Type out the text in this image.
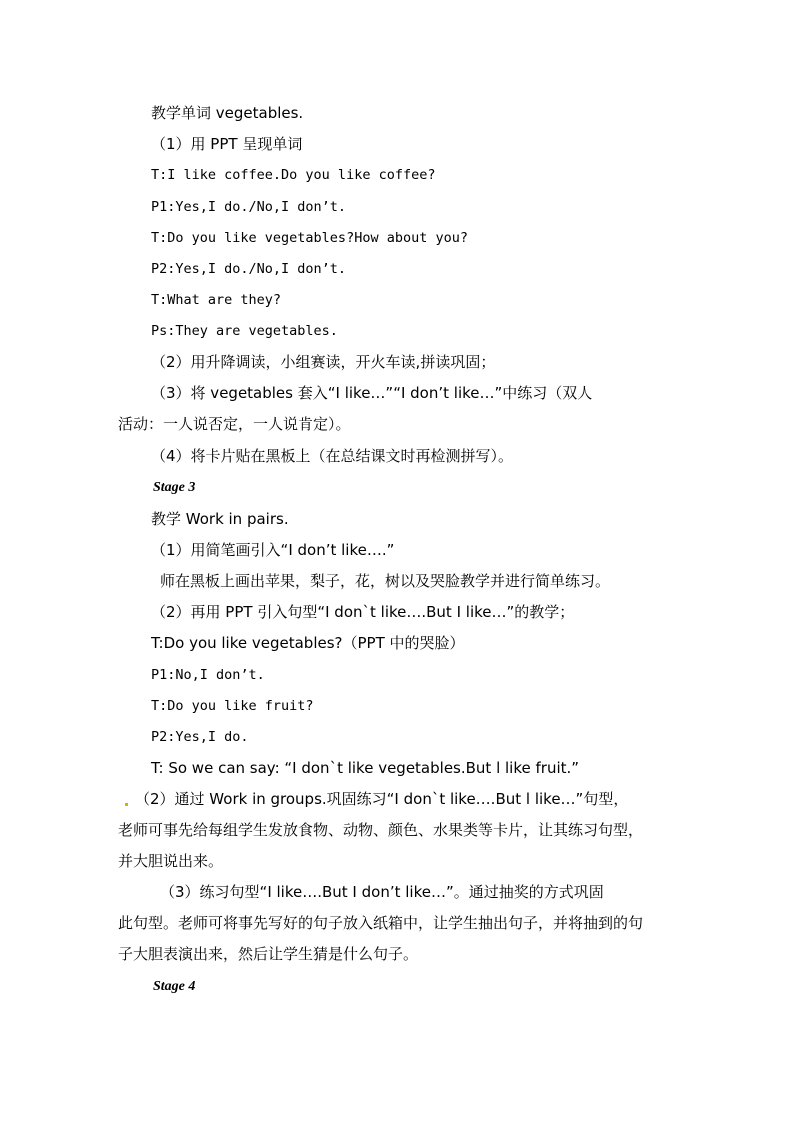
教学单词 vegetables.
（1）用 PPT 呈现单词
T:I like coffee.Do you like coffee?
P1:Yes,I do./No,I don’t.
T:Do you like vegetables?How about you?
P2:Yes,I do./No,I don’t.
T:What are they?
Ps:They are vegetables.
（2）用升降调读，小组赛读，开火车读,拼读巩固；
（3）将 vegetables 套入“I like…”“I don’t like…”中练习（双人
活动：一人说否定，一人说肯定）。
（4）将卡片贴在黑板上（在总结课文时再检测拼写）。
Stage 3
教学 Work in pairs.
（1）用简笔画引入“I don’t like….”
师在黑板上画出苹果，梨子，花，树以及哭脸教学并进行简单练习。
（2）再用 PPT 引入句型“I don`t like….But I like…”的教学；
T:Do you like vegetables?（PPT 中的哭脸）
P1:No,I don’t.
T:Do you like fruit?
P2:Yes,I do.
T: So we can say: “I don`t like vegetables.But l like fruit.”
（2）通过 Work in groups.巩固练习“I don`t like….But l like…”句型，
老师可事先给每组学生发放食物、动物、颜色、水果类等卡片，让其练习句型，
并大胆说出来。
（3）练习句型“I like….But I don’t like…”。通过抽奖的方式巩固
此句型。老师可将事先写好的句子放入纸箱中，让学生抽出句子，并将抽到的句
子大胆表演出来，然后让学生猜是什么句子。
Stage 4
